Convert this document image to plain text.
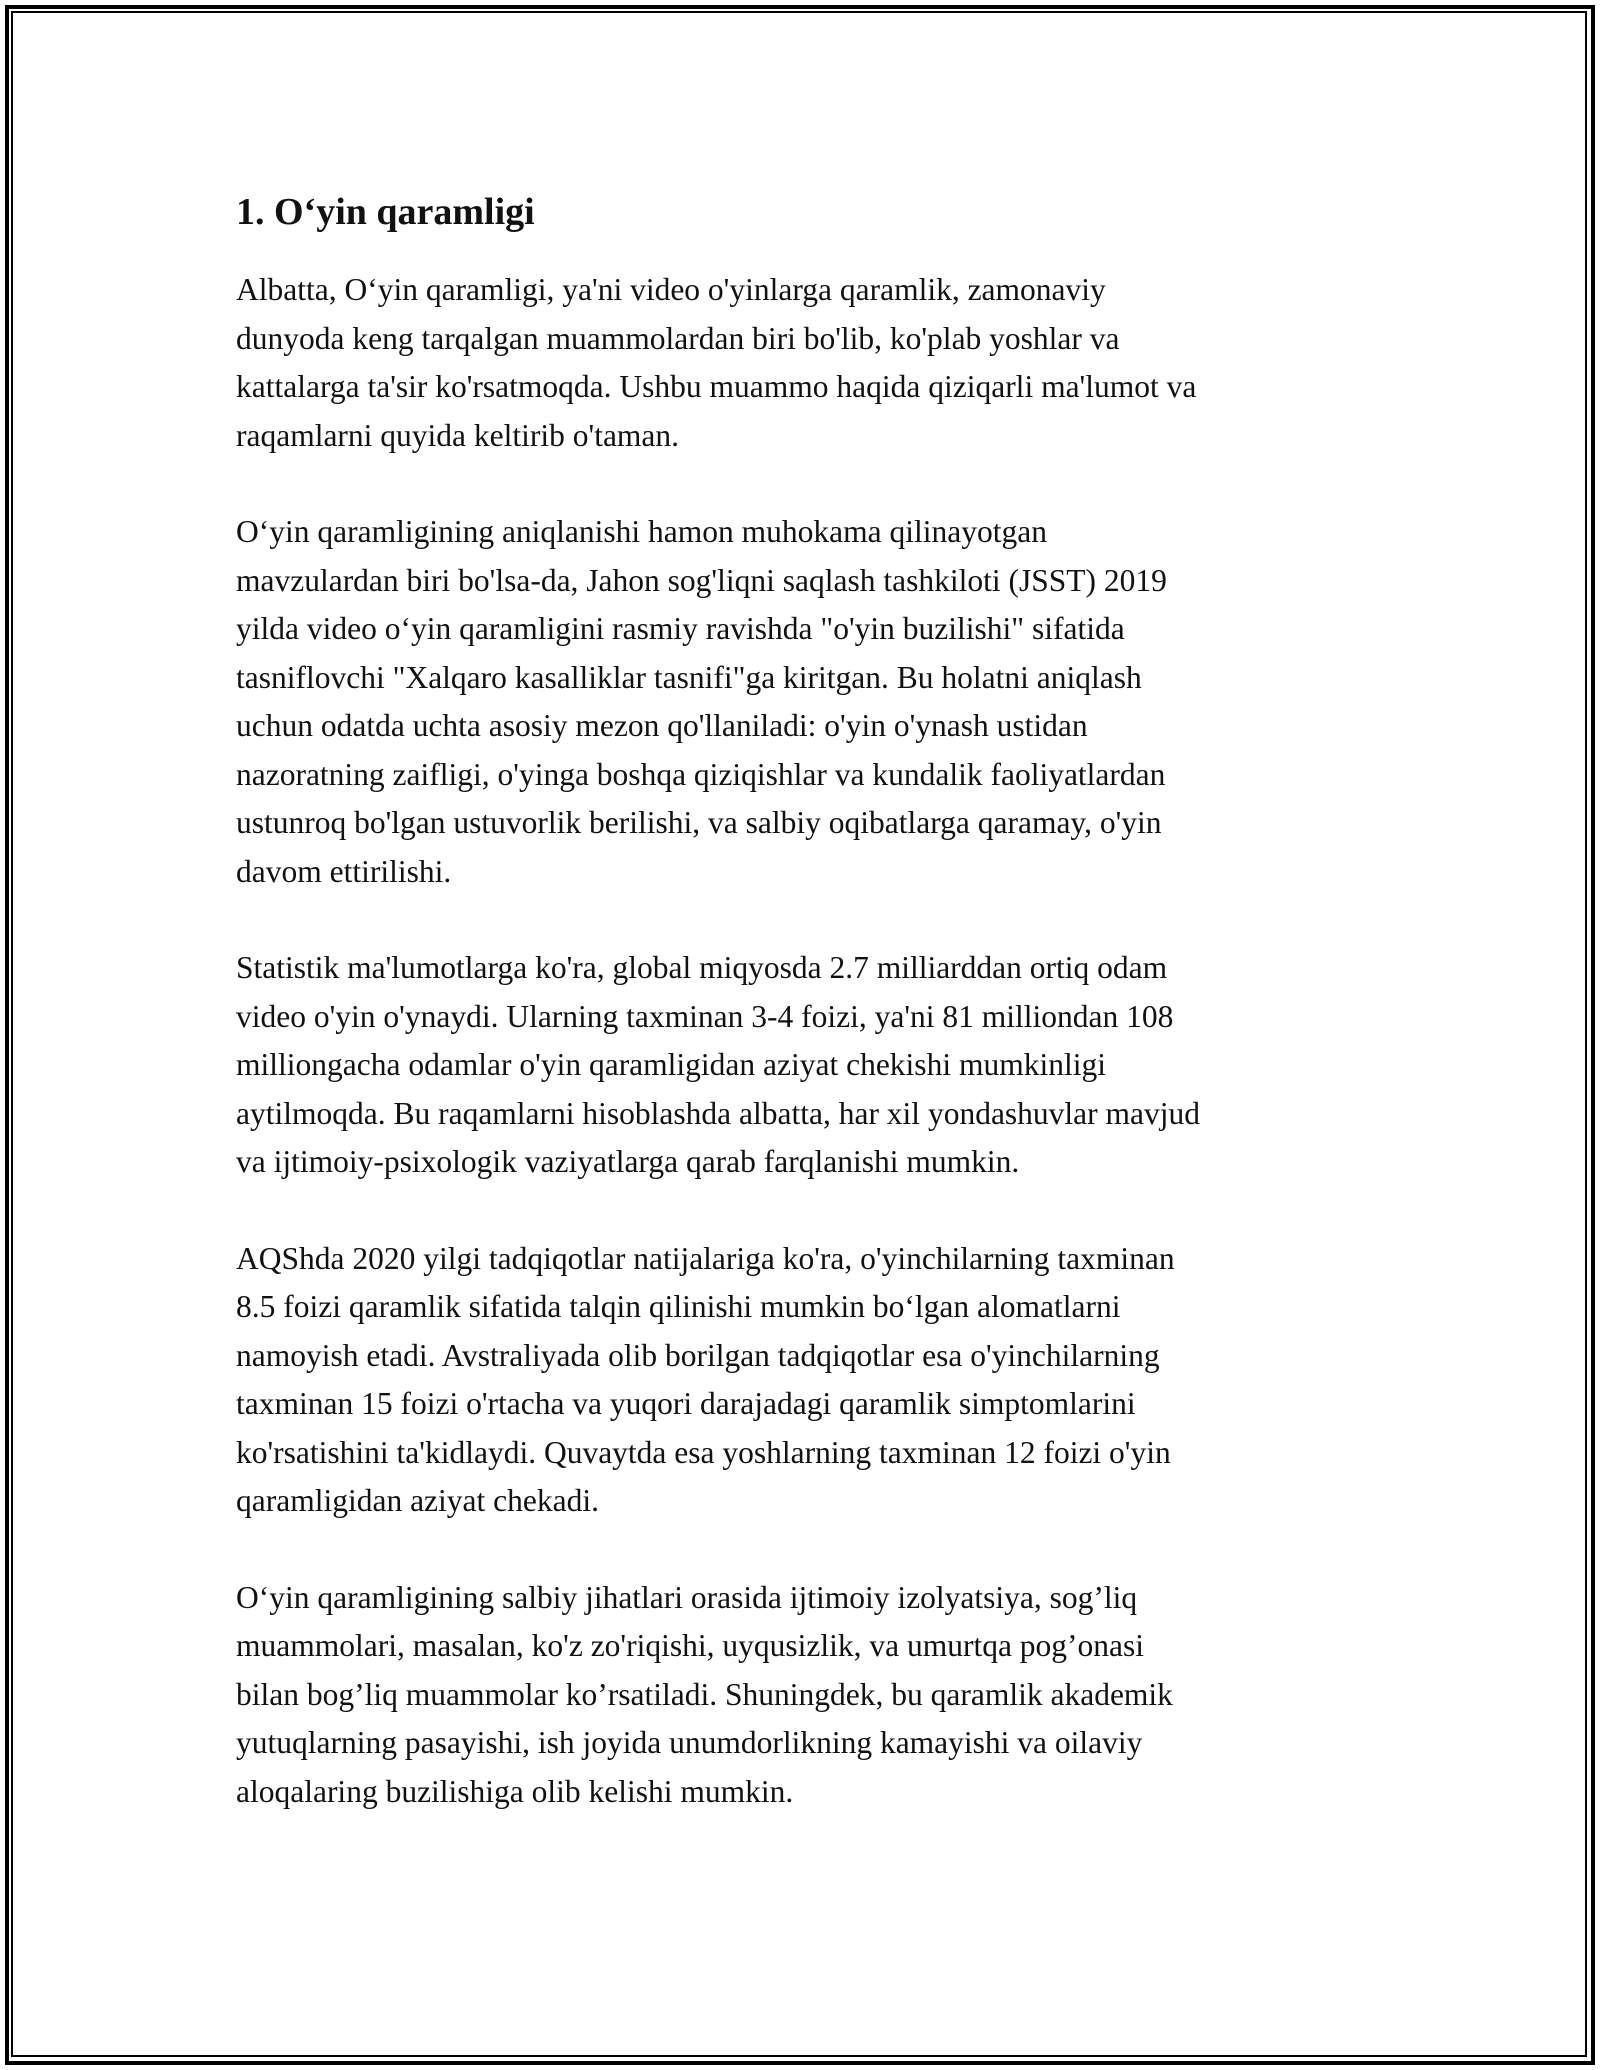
1. O‘yin qaramligi

Albatta, O‘yin qaramligi, ya'ni video o'yinlarga qaramlik, zamonaviy
dunyoda keng tarqalgan muammolardan biri bo'lib, ko'plab yoshlar va
kattalarga ta'sir ko'rsatmoqda. Ushbu muammo haqida qiziqarli ma'lumot va
raqamlarni quyida keltirib o'taman.

O‘yin qaramligining aniqlanishi hamon muhokama qilinayotgan
mavzulardan biri bo'lsa-da, Jahon sog'liqni saqlash tashkiloti (JSST) 2019
yilda video o‘yin qaramligini rasmiy ravishda "o'yin buzilishi" sifatida
tasniflovchi "Xalqaro kasalliklar tasnifi"ga kiritgan. Bu holatni aniqlash
uchun odatda uchta asosiy mezon qo'llaniladi: o'yin o'ynash ustidan
nazoratning zaifligi, o'yinga boshqa qiziqishlar va kundalik faoliyatlardan
ustunroq bo'lgan ustuvorlik berilishi, va salbiy oqibatlarga qaramay, o'yin
davom ettirilishi.

Statistik ma'lumotlarga ko'ra, global miqyosda 2.7 milliarddan ortiq odam
video o'yin o'ynaydi. Ularning taxminan 3-4 foizi, ya'ni 81 milliondan 108
milliongacha odamlar o'yin qaramligidan aziyat chekishi mumkinligi
aytilmoqda. Bu raqamlarni hisoblashda albatta, har xil yondashuvlar mavjud
va ijtimoiy-psixologik vaziyatlarga qarab farqlanishi mumkin.

AQShda 2020 yilgi tadqiqotlar natijalariga ko'ra, o'yinchilarning taxminan
8.5 foizi qaramlik sifatida talqin qilinishi mumkin bo‘lgan alomatlarni
namoyish etadi. Avstraliyada olib borilgan tadqiqotlar esa o'yinchilarning
taxminan 15 foizi o'rtacha va yuqori darajadagi qaramlik simptomlarini
ko'rsatishini ta'kidlaydi. Quvaytda esa yoshlarning taxminan 12 foizi o'yin
qaramligidan aziyat chekadi.

O‘yin qaramligining salbiy jihatlari orasida ijtimoiy izolyatsiya, sog’liq
muammolari, masalan, ko'z zo'riqishi, uyqusizlik, va umurtqa pog’onasi
bilan bog’liq muammolar ko’rsatiladi. Shuningdek, bu qaramlik akademik
yutuqlarning pasayishi, ish joyida unumdorlikning kamayishi va oilaviy
aloqalaring buzilishiga olib kelishi mumkin.
